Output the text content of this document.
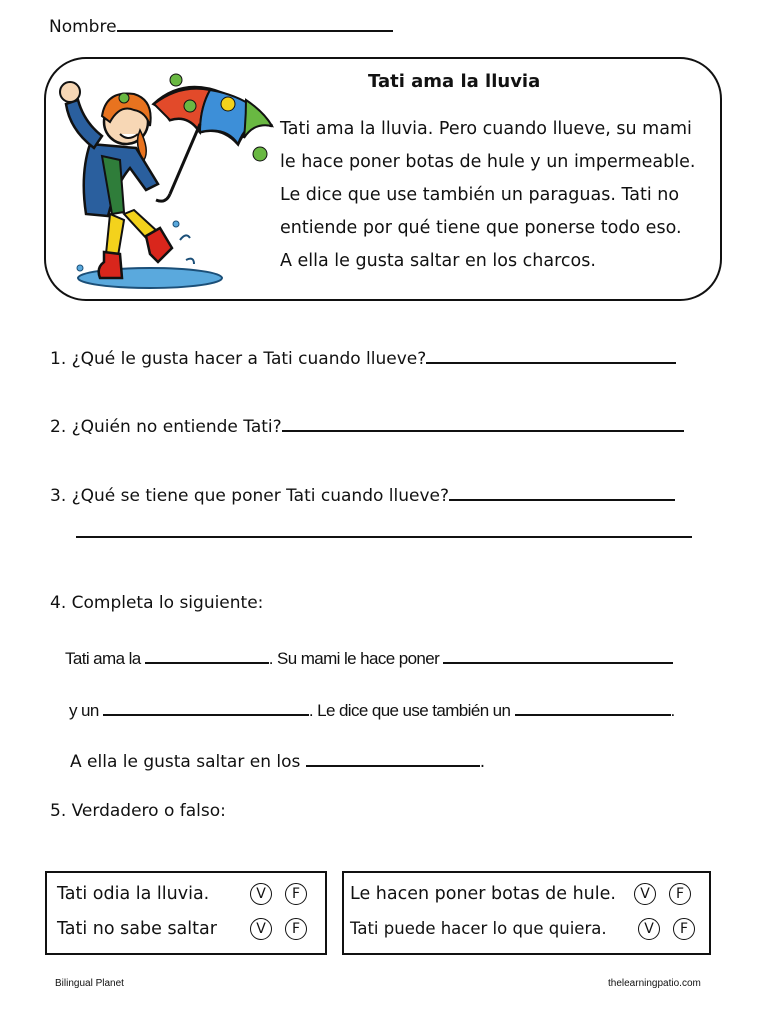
Nombre
Tati ama la lluvia
Tati ama la lluvia. Pero cuando llueve, su mami
le hace poner botas de hule y un impermeable.
Le dice que use también un paraguas. Tati no
entiende por qué tiene que ponerse todo eso.
A ella le gusta saltar en los charcos.
1. ¿Qué le gusta hacer a Tati cuando llueve?
2. ¿Quién no entiende Tati?
3. ¿Qué se tiene que poner Tati cuando llueve?
4. Completa lo siguiente:
Tati ama la	. Su mami le hace poner
y un	. Le dice que use también un	.
A ella le gusta saltar en los	.
5. Verdadero o falso:
Tati odia la lluvia.	V	F
Tati no sabe saltar	V	F
Le hacen poner botas de hule.	V	F
Tati puede hacer lo que quiera.	V	F
Bilingual Planet	thelearningpatio.com
